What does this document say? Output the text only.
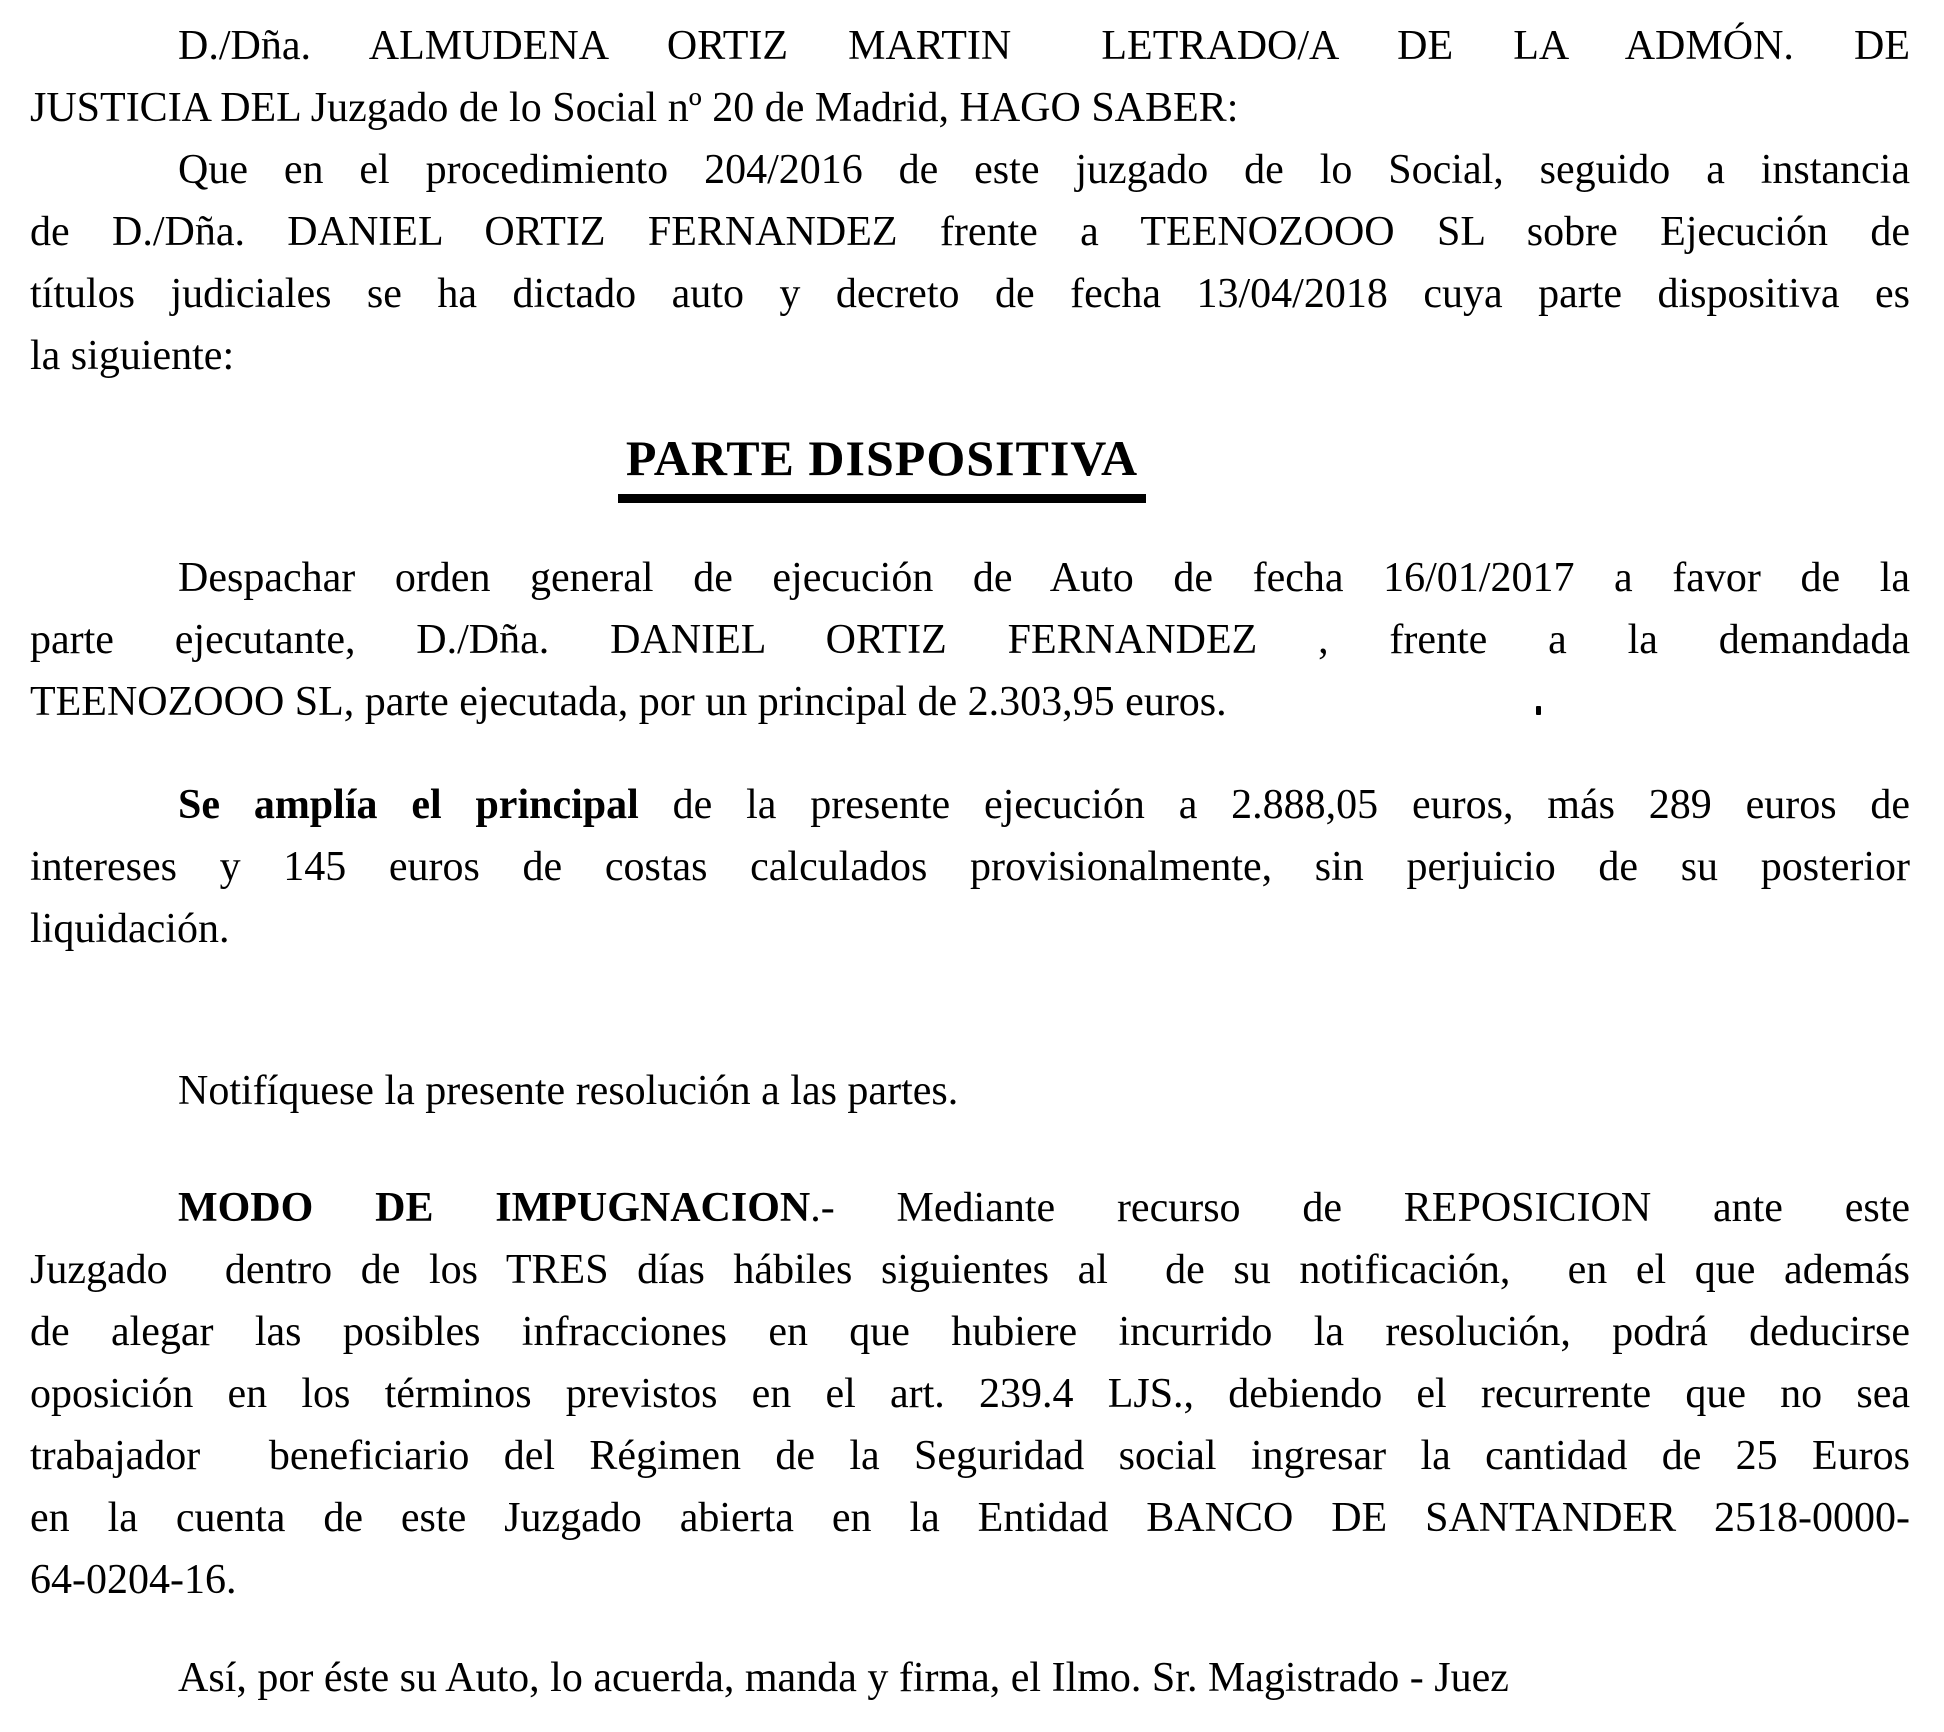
D./Dña.  ALMUDENA  ORTIZ  MARTIN   LETRADO/A  DE  LA  ADMÓN.  DE
JUSTICIA DEL Juzgado de lo Social nº 20 de Madrid, HAGO SABER:
Que en el procedimiento 204/2016 de este juzgado de lo Social, seguido a instancia
de D./Dña. DANIEL ORTIZ FERNANDEZ frente a TEENOZOOO SL sobre Ejecución de
títulos judiciales se ha dictado auto y decreto de fecha 13/04/2018 cuya parte dispositiva es
la siguiente:
PARTE DISPOSITIVA
Despachar orden general de ejecución de Auto de fecha 16/01/2017 a favor de la
parte  ejecutante,  D./Dña.  DANIEL  ORTIZ  FERNANDEZ  ,  frente  a  la  demandada
TEENOZOOO SL, parte ejecutada, por un principal de 2.303,95 euros.
Se amplía el principal de la presente ejecución a 2.888,05 euros, más 289 euros de
intereses y 145 euros de costas calculados provisionalmente, sin perjuicio de su posterior
liquidación.
Notifíquese la presente resolución a las partes.
MODO  DE  IMPUGNACION.-  Mediante  recurso  de  REPOSICION  ante  este
Juzgado  dentro de los TRES días hábiles siguientes al  de su notificación,  en el que además
de alegar las posibles infracciones en que hubiere incurrido la resolución, podrá deducirse
oposición en los términos previstos en el art. 239.4 LJS., debiendo el recurrente que no sea
trabajador  beneficiario del Régimen de la Seguridad social ingresar la cantidad de 25 Euros
en la cuenta de este Juzgado abierta en la Entidad BANCO DE SANTANDER 2518-0000-
64-0204-16.
Así, por éste su Auto, lo acuerda, manda y firma, el Ilmo. Sr. Magistrado - Juez
